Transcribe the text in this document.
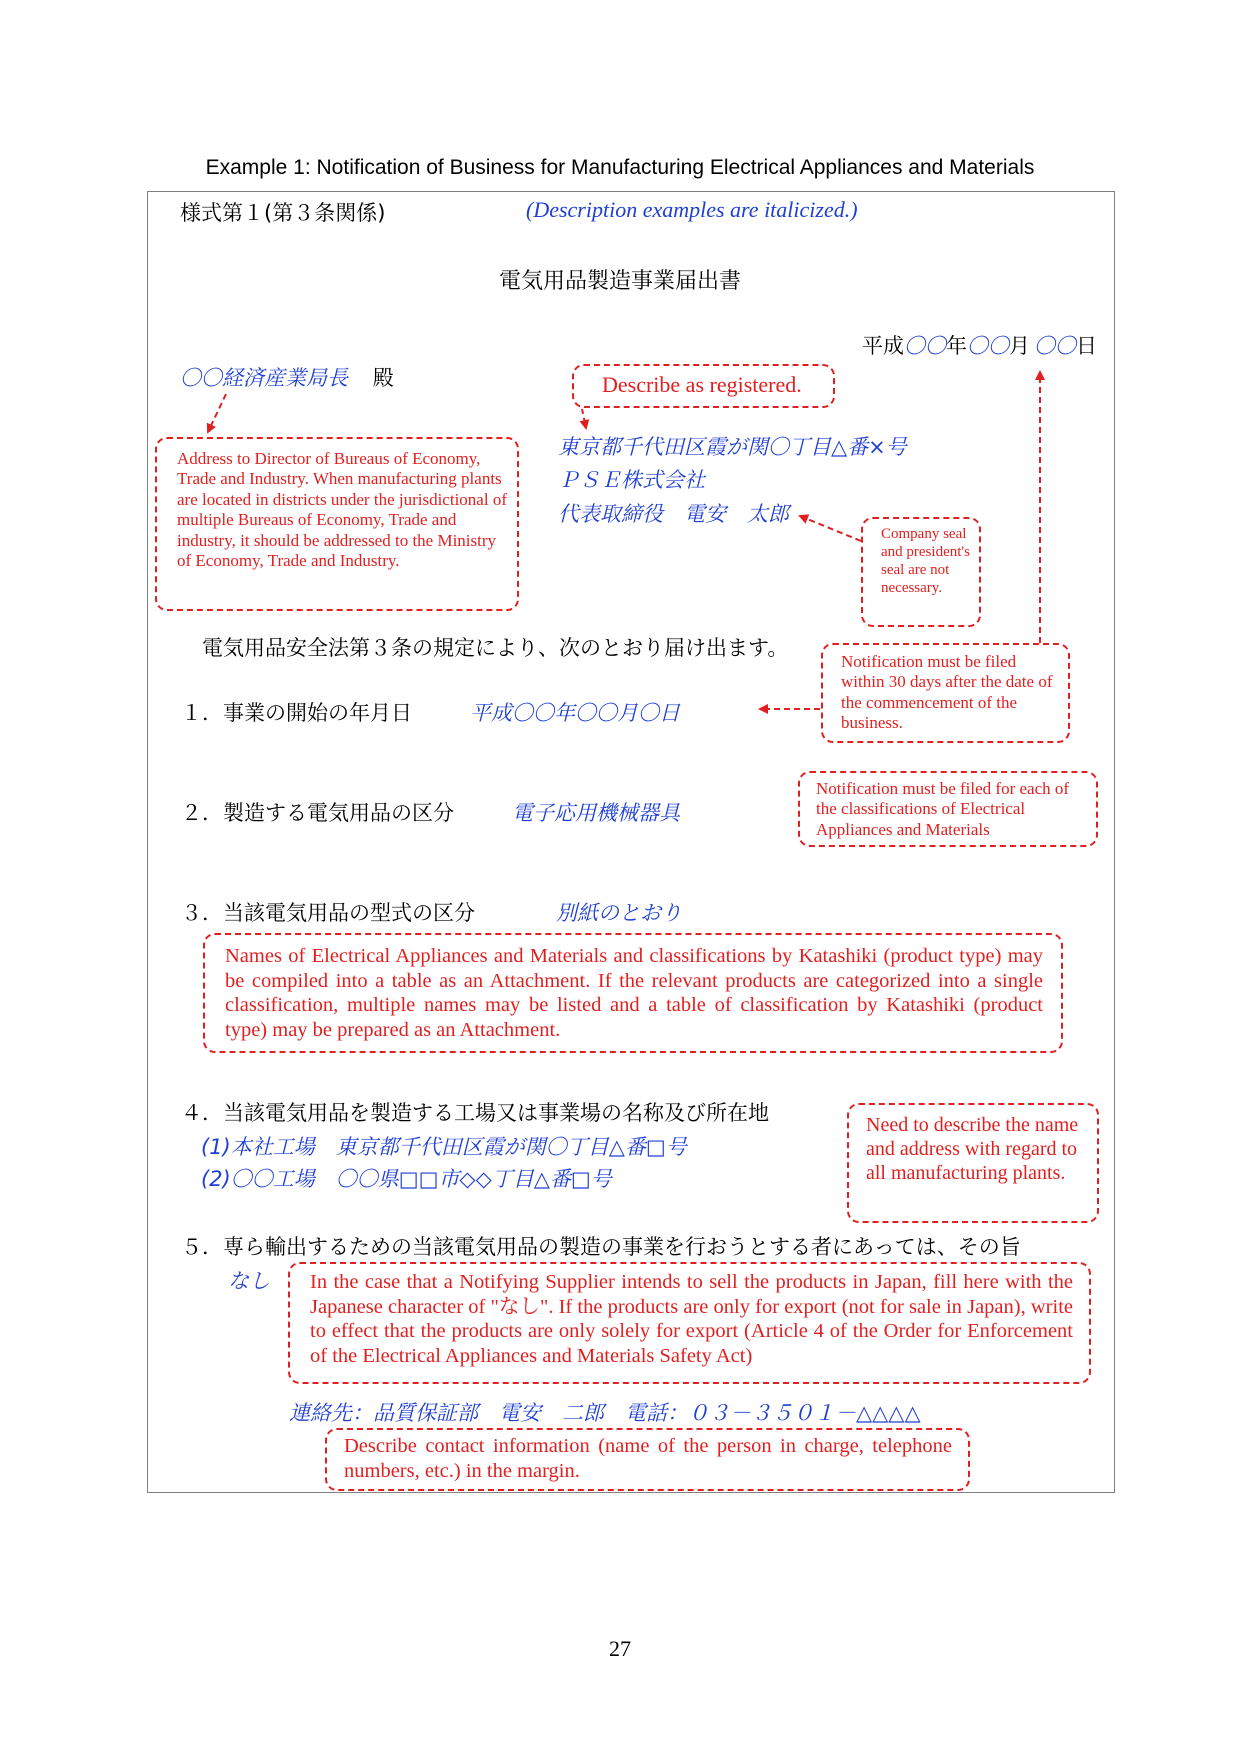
Example 1: Notification of Business for Manufacturing Electrical Appliances and Materials
様式第１(第３条関係)	(Description examples are italicized.)
電気用品製造事業届出書
平成〇〇年〇〇月 〇〇日
〇〇経済産業局長 殿	Describe as registered.
Address to Director of Bureaus of Economy, Trade and Industry. When manufacturing plants are located in districts under the jurisdictional of multiple Bureaus of Economy, Trade and industry, it should be addressed to the Ministry of Economy, Trade and Industry.
東京都千代田区霞が関〇丁目△番×号
ＰＳＥ株式会社
代表取締役　電安　太郎
Company seal and president's seal are not necessary.
電気用品安全法第３条の規定により、次のとおり届け出ます。
Notification must be filed within 30 days after the date of the commencement of the business.
１．事業の開始の年月日	平成〇〇年〇〇月〇日
Notification must be filed for each of the classifications of Electrical Appliances and Materials
２．製造する電気用品の区分	電子応用機械器具
３．当該電気用品の型式の区分	別紙のとおり
Names of Electrical Appliances and Materials and classifications by Katashiki (product type) may be compiled into a table as an Attachment. If the relevant products are categorized into a single classification, multiple names may be listed and a table of classification by Katashiki (product type) may be prepared as an Attachment.
４．当該電気用品を製造する工場又は事業場の名称及び所在地
(1)本社工場　東京都千代田区霞が関〇丁目△番□号
(2)〇〇工場　〇〇県□□市◇◇丁目△番□号
Need to describe the name and address with regard to all manufacturing plants.
５．専ら輸出するための当該電気用品の製造の事業を行おうとする者にあっては、その旨
なし	In the case that a Notifying Supplier intends to sell the products in Japan, fill here with the Japanese character of "なし". If the products are only for export (not for sale in Japan), write to effect that the products are only solely for export (Article 4 of the Order for Enforcement of the Electrical Appliances and Materials Safety Act)
連絡先：品質保証部　電安　二郎　電話：０３－３５０１－△△△△
Describe contact information (name of the person in charge, telephone numbers, etc.) in the margin.
27
